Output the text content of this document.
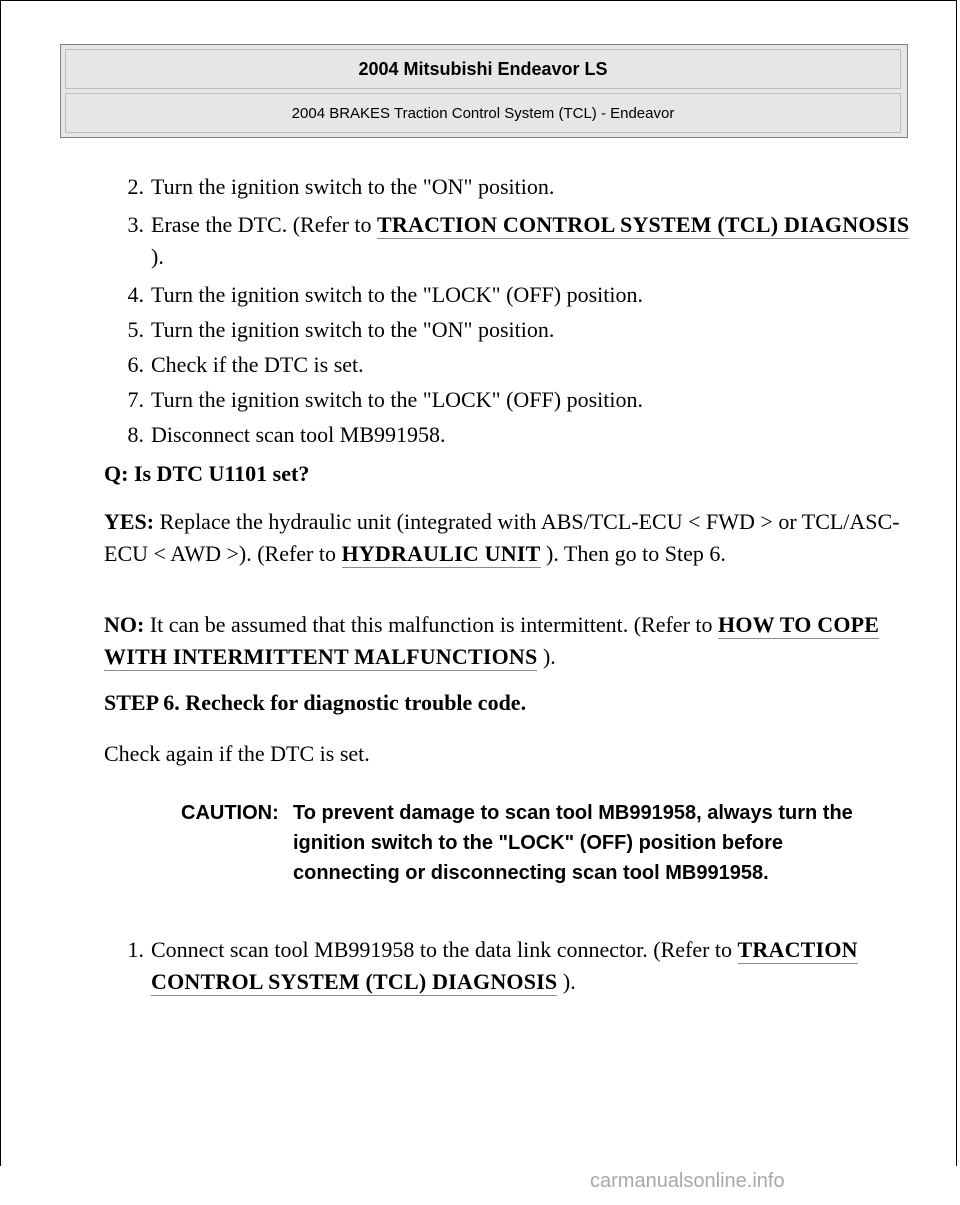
2004 Mitsubishi Endeavor LS
2004 BRAKES Traction Control System (TCL) - Endeavor
2. Turn the ignition switch to the "ON" position.
3. Erase the DTC. (Refer to TRACTION CONTROL SYSTEM (TCL) DIAGNOSIS ).
4. Turn the ignition switch to the "LOCK" (OFF) position.
5. Turn the ignition switch to the "ON" position.
6. Check if the DTC is set.
7. Turn the ignition switch to the "LOCK" (OFF) position.
8. Disconnect scan tool MB991958.

Q: Is DTC U1101 set?

YES: Replace the hydraulic unit (integrated with ABS/TCL-ECU < FWD > or TCL/ASC-ECU < AWD >). (Refer to HYDRAULIC UNIT ). Then go to Step 6.

NO: It can be assumed that this malfunction is intermittent. (Refer to HOW TO COPE WITH INTERMITTENT MALFUNCTIONS ).

STEP 6. Recheck for diagnostic trouble code.

Check again if the DTC is set.

CAUTION: To prevent damage to scan tool MB991958, always turn the ignition switch to the "LOCK" (OFF) position before connecting or disconnecting scan tool MB991958.
1. Connect scan tool MB991958 to the data link connector. (Refer to TRACTION CONTROL SYSTEM (TCL) DIAGNOSIS ).
carmanualsonline.info
